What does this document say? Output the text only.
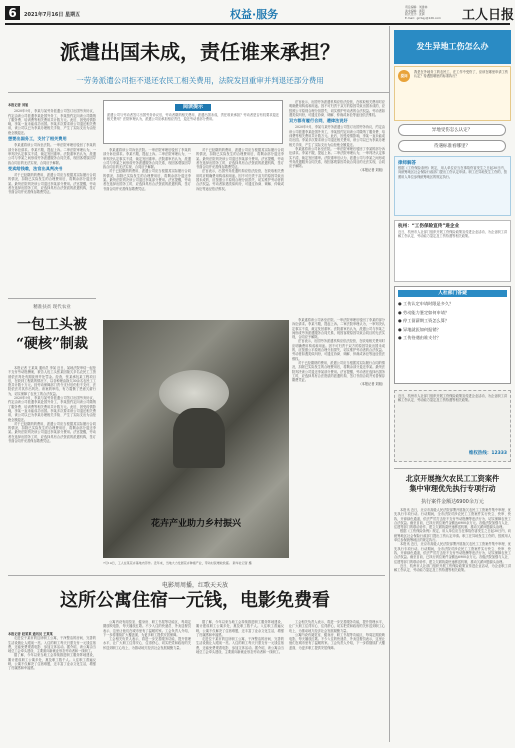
6	2021年7月16日 星期五	权益·服务
责任编辑：刘建林
美术编辑：黄阳
版式设计：沈倩
E-mail：grrbqy@126.com	工人日报
派遣出国未成，责任谁来承担？
一劳务派遣公司拒不退还农民工相关费用，法院发回重审并判退还部分费用
本报记者 刘旭

2020年9月，李某与某劳务派遣公司签订出国劳务协议，约定由该公司派遣李某赴国外务工，李某按约定向该公司缴纳了服务费、培训费等相关费用共计数万元。此后，因受疫情影响，李某一直未能成功出国。李某多次要求该公司退还相关费用，该公司以已为李某办理相关手续、产生了实际支出为由拒绝全额退还。

想要出国务工，支付了相关费用

李某遂将该公司诉至法院。一审法院审理后驳回了李某的部分诉讼请求。李某不服，提起上诉。二审法院审理认为，一审判决认定事实不清，裁定发回重审。法院重审后认为，派遣公司与李某之间形成劳务派遣服务合同关系，现因客观原因导致合同目的无法实现，合同应予解除。

变卖给钱难，法官出具判决书

对于已经缴纳的费用，派遣公司应当根据其实际履行合同的情况，扣除已实际发生的合理费用后，将剩余部分退还李某。最终法院判决该公司退还李某部分费用。法官提醒，劳动者在选择出国务工时，应选择具有合法资质的派遣机构，签订书面合同并妥善保存缴费凭证。

阅读提示
派遣公司与劳动者签订出国劳务协议后，劳动者缴纳相关费用，派遣出国未成，责任谁来承担？劳动者是否有权要求退还相关费用？法院审理认为，派遣公司应承担相应责任，退还劳动者部分费用。

李某遂将该公司诉至法院。一审法院审理后驳回了李某的部分诉讼请求。李某不服，提起上诉。二审法院审理认为，一审判决认定事实不清，裁定发回重审。法院重审后认为，派遣公司与李某之间形成劳务派遣服务合同关系，现因客观原因导致合同目的无法实现，合同应予解除。

对于已经缴纳的费用，派遣公司应当根据其实际履行合同的情况，扣除已实际发生的合理费用后，将剩余部分退还李某。最终法院判决该公司退还李某部分费用。法官提醒，劳动者在选择出国务工时，应选择具有合法资质的派遣机构，签订书面合同并妥善保存缴费凭证。

对于已经缴纳的费用，派遣公司应当根据其实际履行合同的情况，扣除已实际发生的合理费用后，将剩余部分退还李某。最终法院判决该公司退还李某部分费用。法官提醒，劳动者在选择出国务工时，应选择具有合法资质的派遣机构，签订书面合同并妥善保存缴费凭证。

法官表示，出国劳务派遣机构应依法经营，在收取相关费用时应明确费用构成和用途。因不可归责于双方的原因导致出国未成的，应按照公平原则合理分担损失，切实维护劳动者的合法权益。劳动者如遇类似纠纷，可通过协商、调解、仲裁或诉讼等途径依法维权。

法官表示，出国劳务派遣机构应依法经营，在收取相关费用时应明确费用构成和用途。因不可归责于双方的原因导致出国未成的，应按照公平原则合理分担损失，切实维护劳动者的合法权益。劳动者如遇类似纠纷，可通过协商、调解、仲裁或诉讼等途径依法维权。

双方都有履行合同，遭律法说好

2020年9月，李某与某劳务派遣公司签订出国劳务协议，约定由该公司派遣李某赴国外务工，李某按约定向该公司缴纳了服务费、培训费等相关费用共计数万元。此后，因受疫情影响，李某一直未能成功出国。李某多次要求该公司退还相关费用，该公司以已为李某办理相关手续、产生了实际支出为由拒绝全额退还。

李某遂将该公司诉至法院。一审法院审理后驳回了李某的部分诉讼请求。李某不服，提起上诉。二审法院审理认为，一审判决认定事实不清，裁定发回重审。法院重审后认为，派遣公司与李某之间形成劳务派遣服务合同关系，现因客观原因导致合同目的无法实现，合同应予解除。

（本报记者 刘旭）
精准扶贫 现代农业
一包工头被
“硬核”制裁

本报记者 王某某 通讯员 李某 近日，某地法院审结一起拒不支付劳动报酬案，被告人包工头张某因拖欠多名农民工工资被依法判处有期徒刑并处罚金。经查，张某承包某工程项目后，在收到工程款的情况下，以各种理由拖欠30余名农民工工资共计数十万元。经劳动保障部门责令支付后仍拒不支付，法院依法对其作出判决。该案的审结，有力震慑了恶意欠薪行为，切实保障了农民工的合法权益。

2020年9月，李某与某劳务派遣公司签订出国劳务协议，约定由该公司派遣李某赴国外务工，李某按约定向该公司缴纳了服务费、培训费等相关费用共计数万元。此后，因受疫情影响，李某一直未能成功出国。李某多次要求该公司退还相关费用，该公司以已为李某办理相关手续、产生了实际支出为由拒绝全额退还。

对于已经缴纳的费用，派遣公司应当根据其实际履行合同的情况，扣除已实际发生的合理费用后，将剩余部分退还李某。最终法院判决该公司退还李某部分费用。法官提醒，劳动者在选择出国务工时，应选择具有合法资质的派遣机构，签订书面合同并妥善保存缴费凭证。

花卉产业助力乡村振兴
7月14日，工人在某花卉基地内劳作。近年来，当地大力发展花卉种植产业，带动村民增收致富。 新华社记者 摄

李某遂将该公司诉至法院。一审法院审理后驳回了李某的部分诉讼请求。李某不服，提起上诉。二审法院审理认为，一审判决认定事实不清，裁定发回重审。法院重审后认为，派遣公司与李某之间形成劳务派遣服务合同关系，现因客观原因导致合同目的无法实现，合同应予解除。

法官表示，出国劳务派遣机构应依法经营，在收取相关费用时应明确费用构成和用途。因不可归责于双方的原因导致出国未成的，应按照公平原则合理分担损失，切实维护劳动者的合法权益。劳动者如遇类似纠纷，可通过协商、调解、仲裁或诉讼等途径依法维权。

对于已经缴纳的费用，派遣公司应当根据其实际履行合同的情况，扣除已实际发生的合理费用后，将剩余部分退还李某。最终法院判决该公司退还李某部分费用。法官提醒，劳动者在选择出国务工时，应选择具有合法资质的派遣机构，签订书面合同并妥善保存缴费凭证。

（本报记者 刘旭）
电影周周播，红歌天天放
这所公寓住宿一元钱，电影免费看
本报记者 赵某某 通讯员 王某某

走进位于某市的这所职工公寓，干净整洁的房间、完善的生活设施让人眼前一亮。入住的职工每天只需支付一元钱住宿费，还能免费观看电影、参加文体活动。据介绍，该公寓由当地总工会牵头建设，主要面向新就业形态劳动者和一线职工。

据了解，今年以来当地工会持续推进职工服务阵地建设，累计建成职工公寓多处，惠及职工数千人。入住职工普遍反映，公寓不仅解决了住宿难题，还丰富了业余文化生活，增强了归属感和幸福感。

公寓内设有阅览室、健身房、职工书屋等功能区，每周定期放映电影，每天播放红歌。不少入住的快递员、外卖送餐员表示，这里让他们在城市里有了温暖的家。工会负责人介绍，下一步将继续扩大覆盖面，为更多职工提供安居保障。

工会相关负责人表示，将进一步完善服务功能，提升管理水平，让广大职工住得安心、住得舒心，切实把党和政府的关怀送到职工心坎上，为推动地方经济社会发展凝聚力量。

据了解，今年以来当地工会持续推进职工服务阵地建设，累计建成职工公寓多处，惠及职工数千人。入住职工普遍反映，公寓不仅解决了住宿难题，还丰富了业余文化生活，增强了归属感和幸福感。

走进位于某市的这所职工公寓，干净整洁的房间、完善的生活设施让人眼前一亮。入住的职工每天只需支付一元钱住宿费，还能免费观看电影、参加文体活动。据介绍，该公寓由当地总工会牵头建设，主要面向新就业形态劳动者和一线职工。

工会相关负责人表示，将进一步完善服务功能，提升管理水平，让广大职工住得安心、住得舒心，切实把党和政府的关怀送到职工心坎上，为推动地方经济社会发展凝聚力量。

公寓内设有阅览室、健身房、职工书屋等功能区，每周定期放映电影，每天播放红歌。不少入住的快递员、外卖送餐员表示，这里让他们在城市里有了温暖的家。工会负责人介绍，下一步将继续扩大覆盖面，为更多职工提供安居保障。

发生异地工伤怎么办
提问
我是在外地务工的农民工，在工作中受伤了，应该在哪里申请工伤认定？待遇按哪里的标准执行？
异地受伤怎么认定？
待遇标准看哪里？
律师解答
根据《工伤保险条例》规定，用人单位应当在事故伤害发生之日起30日内，向统筹地区社会保险行政部门提出工伤认定申请。职工在异地发生工伤的，按照用人单位参保统筹地区的规定执行。
杭州：“工伤保险宣传”进企业
近日，杭州市人社部门组织开展工伤保险政策宣传进企业活动，为企业职工讲解工伤认定、劳动能力鉴定及工伤待遇等相关政策。
人社部门答疑
● 工伤认定申请时限是多久？
● 劳动能力鉴定如何申请？
● 停工留薪期工资怎么算？
● 异地就医如何报销？
● 工伤待遇由谁支付？
近日，杭州市人社部门组织开展工伤保险政策宣传进企业活动，为企业职工讲解工伤认定、劳动能力鉴定及工伤待遇等相关政策。
维权热线：12333
北京开展拖欠农民工工资案件
集中审理优先执行专项行动
执行案件金额达6900余万元

本报讯 近日，北京市高级人民法院部署开展拖欠农民工工资案件集中审理、优先执行专项行动。行动期间，全市法院对涉农民工工资案件实行快立、快审、快执，开辟绿色通道，依法严厉打击拒不支付劳动报酬等违法行为，切实保障农民工合法权益。截至目前，已执行到位案件金额达6900余万元。各级法院加强与人社、住建等部门的联动协作，建立欠薪线索快速移送机制，推动欠薪问题源头治理。

根据《工伤保险条例》规定，用人单位应当在事故伤害发生之日起30日内，向统筹地区社会保险行政部门提出工伤认定申请。职工在异地发生工伤的，按照用人单位参保统筹地区的规定执行。

本报讯 近日，北京市高级人民法院部署开展拖欠农民工工资案件集中审理、优先执行专项行动。行动期间，全市法院对涉农民工工资案件实行快立、快审、快执，开辟绿色通道，依法严厉打击拒不支付劳动报酬等违法行为，切实保障农民工合法权益。截至目前，已执行到位案件金额达6900余万元。各级法院加强与人社、住建等部门的联动协作，建立欠薪线索快速移送机制，推动欠薪问题源头治理。

近日，杭州市人社部门组织开展工伤保险政策宣传进企业活动，为企业职工讲解工伤认定、劳动能力鉴定及工伤待遇等相关政策。
